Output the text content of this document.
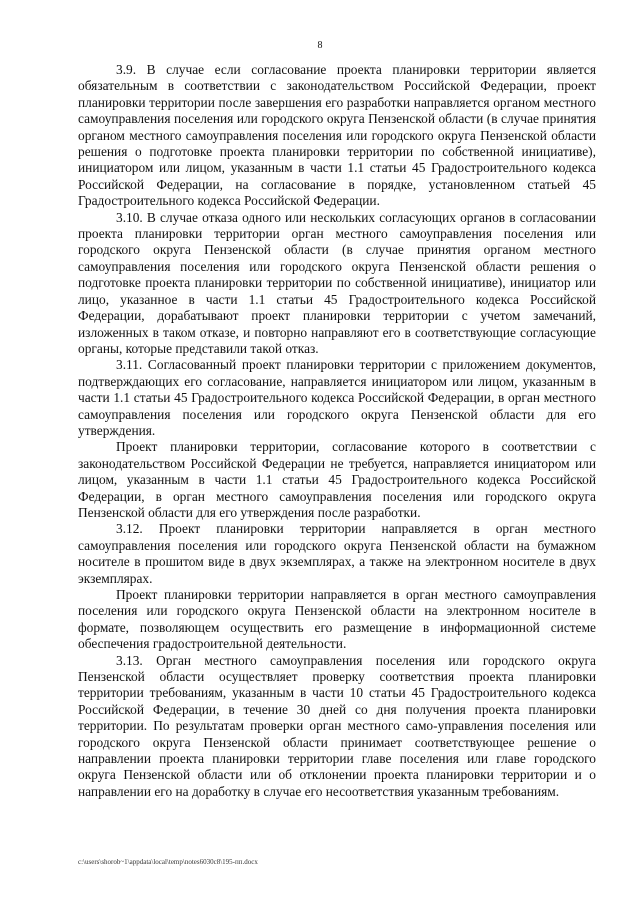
8

3.9. В случае если согласование проекта планировки территории является обязательным в соответствии с законодательством Российской Федерации, проект планировки территории после завершения его разработки направляется органом местного самоуправления поселения или городского округа Пензенской области (в случае принятия органом местного самоуправления поселения или городского округа Пензенской области решения о подготовке проекта планировки территории по собственной инициативе), инициатором или лицом, указанным в части 1.1 статьи 45 Градостроительного кодекса Российской Федерации, на согласование в порядке, установленном статьей 45 Градостроительного кодекса Российской Федерации.

3.10. В случае отказа одного или нескольких согласующих органов в согласовании проекта планировки территории орган местного самоуправления поселения или городского округа Пензенской области (в случае принятия органом местного самоуправления поселения или городского округа Пензенской области решения о подготовке проекта планировки территории по собственной инициативе), инициатор или лицо, указанное в части 1.1 статьи 45 Градостроительного кодекса Российской Федерации, дорабатывают проект планировки территории с учетом замечаний, изложенных в таком отказе, и повторно направляют его в соответствующие согласующие органы, которые представили такой отказ.

3.11. Согласованный проект планировки территории с приложением документов, подтверждающих его согласование, направляется инициатором или лицом, указанным в части 1.1 статьи 45 Градостроительного кодекса Российской Федерации, в орган местного самоуправления поселения или городского округа Пензенской области для его утверждения.

Проект планировки территории, согласование которого в соответствии с законодательством Российской Федерации не требуется, направляется инициатором или лицом, указанным в части 1.1 статьи 45 Градостроительного кодекса Российской Федерации, в орган местного самоуправления поселения или городского округа Пензенской области для его утверждения после разработки.

3.12. Проект планировки территории направляется в орган местного самоуправления поселения или городского округа Пензенской области на бумажном носителе в прошитом виде в двух экземплярах, а также на электронном носителе в двух экземплярах.

Проект планировки территории направляется в орган местного самоуправления поселения или городского округа Пензенской области на электронном носителе в формате, позволяющем осуществить его размещение в информационной системе обеспечения градостроительной деятельности.

3.13. Орган местного самоуправления поселения или городского округа Пензенской области осуществляет проверку соответствия проекта планировки территории требованиям, указанным в части 10 статьи 45 Градостроительного кодекса Российской Федерации, в течение 30 дней со дня получения проекта планировки территории. По результатам проверки орган местного само-управления поселения или городского округа Пензенской области принимает соответствующее решение о направлении проекта планировки территории главе поселения или главе городского округа Пензенской области или об отклонении проекта планировки территории и о направлении его на доработку в случае его несоответствия указанным требованиям.

c:\users\shorob~1\appdata\local\temp\notes6030c8\195-пп.docx
